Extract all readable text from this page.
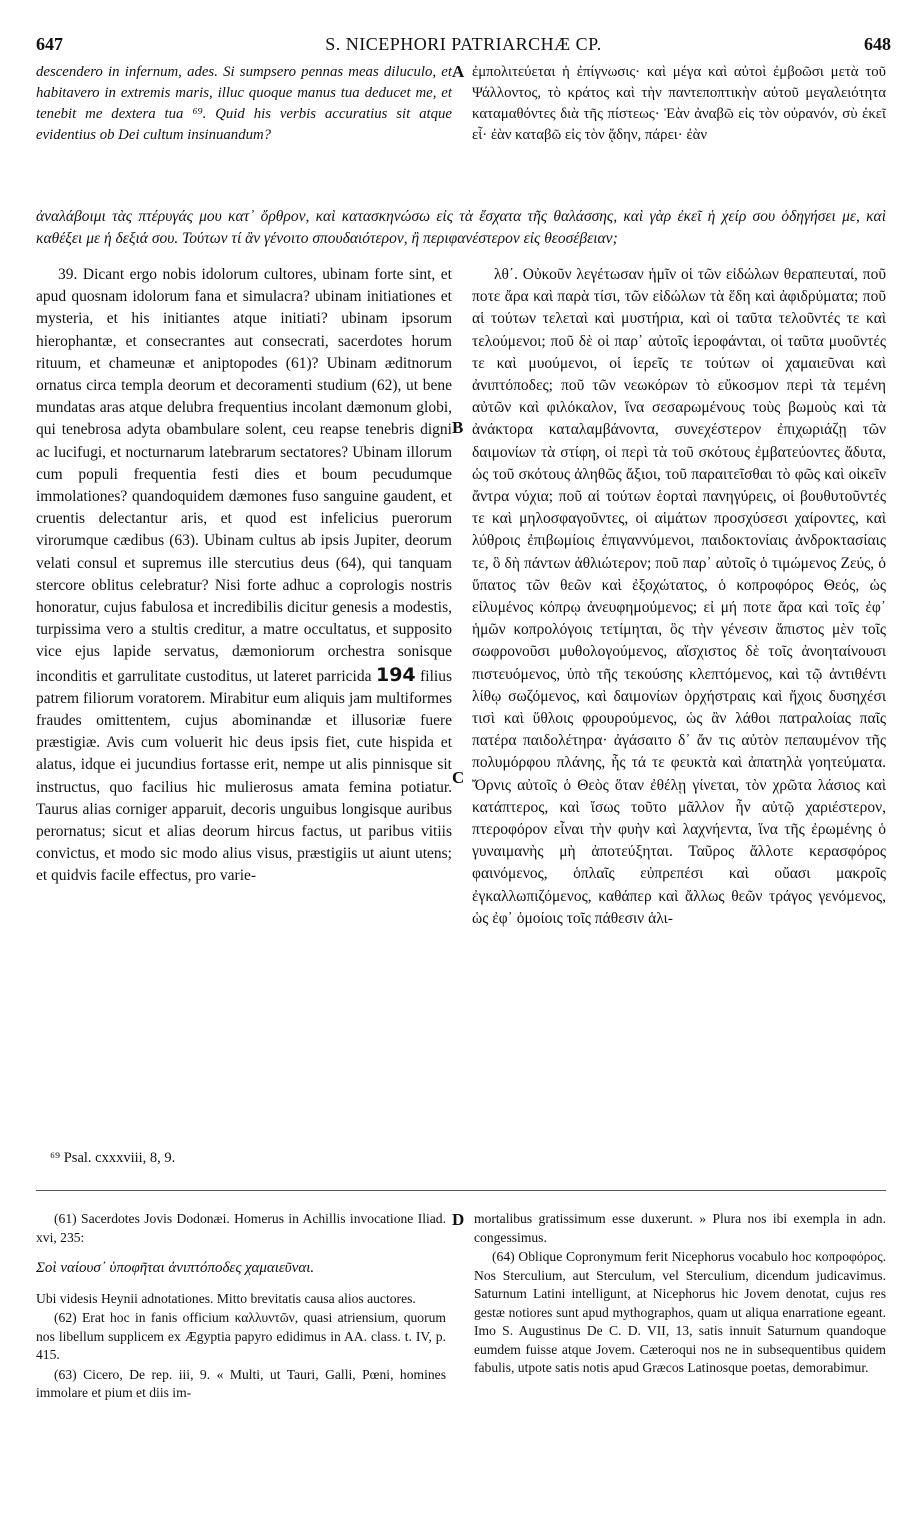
647	S. NICEPHORI PATRIARCHÆ CP.	648
A
B
C
D
descendero in infernum, ades. Si sumpsero pennas meas diluculo, et habitavero in extremis maris, illuc quoque manus tua deducet me, et tenebit me dextera tua ⁶⁹. Quid his verbis accuratius sit atque evidentius ob Dei cultum insinuandum?
ἐμπολιτεύεται ἡ ἐπίγνωσις· καὶ μέγα καὶ αὐτοὶ ἐμβοῶσι μετὰ τοῦ Ψάλλοντος, τὸ κράτος καὶ τὴν παντεποπτικὴν αὐτοῦ μεγαλειότητα καταμαθόντες διὰ τῆς πίστεως· Ἐὰν ἀναβῶ εἰς τὸν οὐρανόν, σὺ ἐκεῖ εἶ· ἐὰν καταβῶ εἰς τὸν ᾅδην, πάρει· ἐὰν
ἀναλάβοιμι τὰς πτέρυγάς μου κατ᾽ ὄρθρον, καὶ κατασκηνώσω εἰς τὰ ἔσχατα τῆς θαλάσσης, καὶ γὰρ ἐκεῖ ἡ χείρ σου ὁδηγήσει με, καὶ καθέξει με ἡ δεξιά σου. Τούτων τί ἂν γένοιτο σπουδαιότερον, ἢ περιφανέστερον εἰς θεοσέβειαν;
39. Dicant ergo nobis idolorum cultores, ubinam forte sint, et apud quosnam idolorum fana et simulacra? ubinam initiationes et mysteria, et his initiantes atque initiati? ubinam ipsorum hierophantæ, et consecrantes aut consecrati, sacerdotes horum rituum, et chameunæ et aniptopodes (61)? Ubinam æditnorum ornatus circa templa deorum et decoramenti studium (62), ut bene mundatas aras atque delubra frequentius incolant dæmonum globi, qui tenebrosa adyta obambulare solent, ceu reapse tenebris digni ac lucifugi, et nocturnarum latebrarum sectatores? Ubinam illorum cum populi frequentia festi dies et boum pecudumque immolationes? quandoquidem dæmones fuso sanguine gaudent, et cruentis delectantur aris, et quod est infelicius puerorum virorumque cædibus (63). Ubinam cultus ab ipsis Jupiter, deorum velati consul et supremus ille stercutius deus (64), qui tanquam stercore oblitus celebratur? Nisi forte adhuc a coprologis nostris honoratur, cujus fabulosa et incredibilis dicitur genesis a modestis, turpissima vero a stultis creditur, a matre occultatus, et supposito vice ejus lapide servatus, dæmoniorum orchestra sonisque inconditis et garrulitate custoditus, ut lateret parricida 194 filius patrem filiorum voratorem. Mirabitur eum aliquis jam multiformes fraudes omittentem, cujus abominandæ et illusoriæ fuere præstigiæ. Avis cum voluerit hic deus ipsis fiet, cute hispida et alatus, idque ei jucundius fortasse erit, nempe ut alis pinnisque sit instructus, quo facilius hic mulierosus amata femina potiatur. Taurus alias corniger apparuit, decoris unguibus longisque auribus perornatus; sicut et alias deorum hircus factus, ut paribus vitiis convictus, et modo sic modo alius visus, præstigiis ut aiunt utens; et quidvis facile effectus, pro varie-
λθ΄. Οὐκοῦν λεγέτωσαν ἡμῖν οἱ τῶν εἰδώλων θεραπευταί, ποῦ ποτε ἄρα καὶ παρὰ τίσι, τῶν εἰδώλων τὰ ἕδη καὶ ἀφιδρύματα; ποῦ αἱ τούτων τελεταὶ καὶ μυστήρια, καὶ οἱ ταῦτα τελοῦντές τε καὶ τελούμενοι; ποῦ δὲ οἱ παρ᾽ αὐτοῖς ἱεροφάνται, οἱ ταῦτα μυοῦντές τε καὶ μυούμενοι, οἱ ἱερεῖς τε τούτων οἱ χαμαιεῦναι καὶ ἀνιπτόποδες; ποῦ τῶν νεωκόρων τὸ εὔκοσμον περὶ τὰ τεμένη αὐτῶν καὶ φιλόκαλον, ἵνα σεσαρωμένους τοὺς βωμοὺς καὶ τὰ ἀνάκτορα καταλαμβάνοντα, συνεχέστερον ἐπιχωριάζῃ τῶν δαιμονίων τὰ στίφη, οἱ περὶ τὰ τοῦ σκότους ἐμβατεύοντες ἄδυτα, ὡς τοῦ σκότους ἀληθῶς ἄξιοι, τοῦ παραιτεῖσθαι τὸ φῶς καὶ οἰκεῖν ἄντρα νύχια; ποῦ αἱ τούτων ἑορταὶ πανηγύρεις, οἱ βουθυτοῦντές τε καὶ μηλοσφαγοῦντες, οἱ αἱμάτων προσχύσεσι χαίροντες, καὶ λύθροις ἐπιβωμίοις ἐπιγαννύμενοι, παιδοκτονίαις ἀνδροκτασίαις τε, ὃ δὴ πάντων ἀθλιώτερον; ποῦ παρ᾽ αὐτοῖς ὁ τιμώμενος Ζεύς, ὁ ὕπατος τῶν θεῶν καὶ ἐξοχώτατος, ὁ κοπροφόρος Θεός, ὡς εἰλυμένος κόπρῳ ἀνευφημούμενος; εἰ μή ποτε ἄρα καὶ τοῖς ἐφ᾽ ἡμῶν κοπρολόγοις τετίμηται, ὃς τὴν γένεσιν ἄπιστος μὲν τοῖς σωφρονοῦσι μυθολογούμενος, αἴσχιστος δὲ τοῖς ἀνοηταίνουσι πιστευόμενος, ὑπὸ τῆς τεκούσης κλεπτόμενος, καὶ τῷ ἀντιθέντι λίθῳ σωζόμενος, καὶ δαιμονίων ὀρχήστραις καὶ ἤχοις δυσηχέσι τισὶ καὶ ὕθλοις φρουρούμενος, ὡς ἂν λάθοι πατραλοίας παῖς πατέρα παιδολέτηρα· ἀγάσαιτο δ᾽ ἄν τις αὐτὸν πεπαυμένον τῆς πολυμόρφου πλάνης, ἧς τά τε φευκτὰ καὶ ἀπατηλὰ γοητεύματα. Ὄρνις αὐτοῖς ὁ Θεὸς ὅταν ἐθέλῃ γίνεται, τὸν χρῶτα λάσιος καὶ κατάπτερος, καὶ ἴσως τοῦτο μᾶλλον ἦν αὐτῷ χαριέστερον, πτεροφόρον εἶναι τὴν φυὴν καὶ λαχνήεντα, ἵνα τῆς ἐρωμένης ὁ γυναιμανὴς μὴ ἀποτεύξηται. Ταῦρος ἄλλοτε κερασφόρος φαινόμενος, ὁπλαῖς εὐπρεπέσι καὶ οὔασι μακροῖς ἐγκαλλωπιζόμενος, καθάπερ καὶ ἄλλως θεῶν τράγος γενόμενος, ὡς ἐφ᾽ ὁμοίοις τοῖς πάθεσιν ἁλι-
⁶⁹ Psal. cxxxviii, 8, 9.

(61) Sacerdotes Jovis Dodonæi. Homerus in Achillis invocatione Iliad. xvi, 235:

Σοὶ ναίουσ᾽ ὑποφῆται ἀνιπτόποδες χαμαιεῦναι.

Ubi videsis Heynii adnotationes. Mitto brevitatis causa alios auctores.

(62) Erat hoc in fanis officium καλλυντῶν, quasi atriensium, quorum nos libellum supplicem ex Ægyptia papyro edidimus in AA. class. t. IV, p. 415.

(63) Cicero, De rep. iii, 9. « Multi, ut Tauri, Galli, Pœni, homines immolare et pium et diis im-

mortalibus gratissimum esse duxerunt. » Plura nos ibi exempla in adn. congessimus.

(64) Oblique Copronymum ferit Nicephorus vocabulo hoc κοπροφόρος. Nos Sterculium, aut Sterculum, vel Sterculium, dicendum judicavimus. Saturnum Latini intelligunt, at Nicephorus hic Jovem denotat, cujus res gestæ notiores sunt apud mythographos, quam ut aliqua enarratione egeant. Imo S. Augustinus De C. D. VII, 13, satis innuit Saturnum quandoque eumdem fuisse atque Jovem. Cæteroqui nos ne in subsequentibus quidem fabulis, utpote satis notis apud Græcos Latinosque poetas, demorabimur.
